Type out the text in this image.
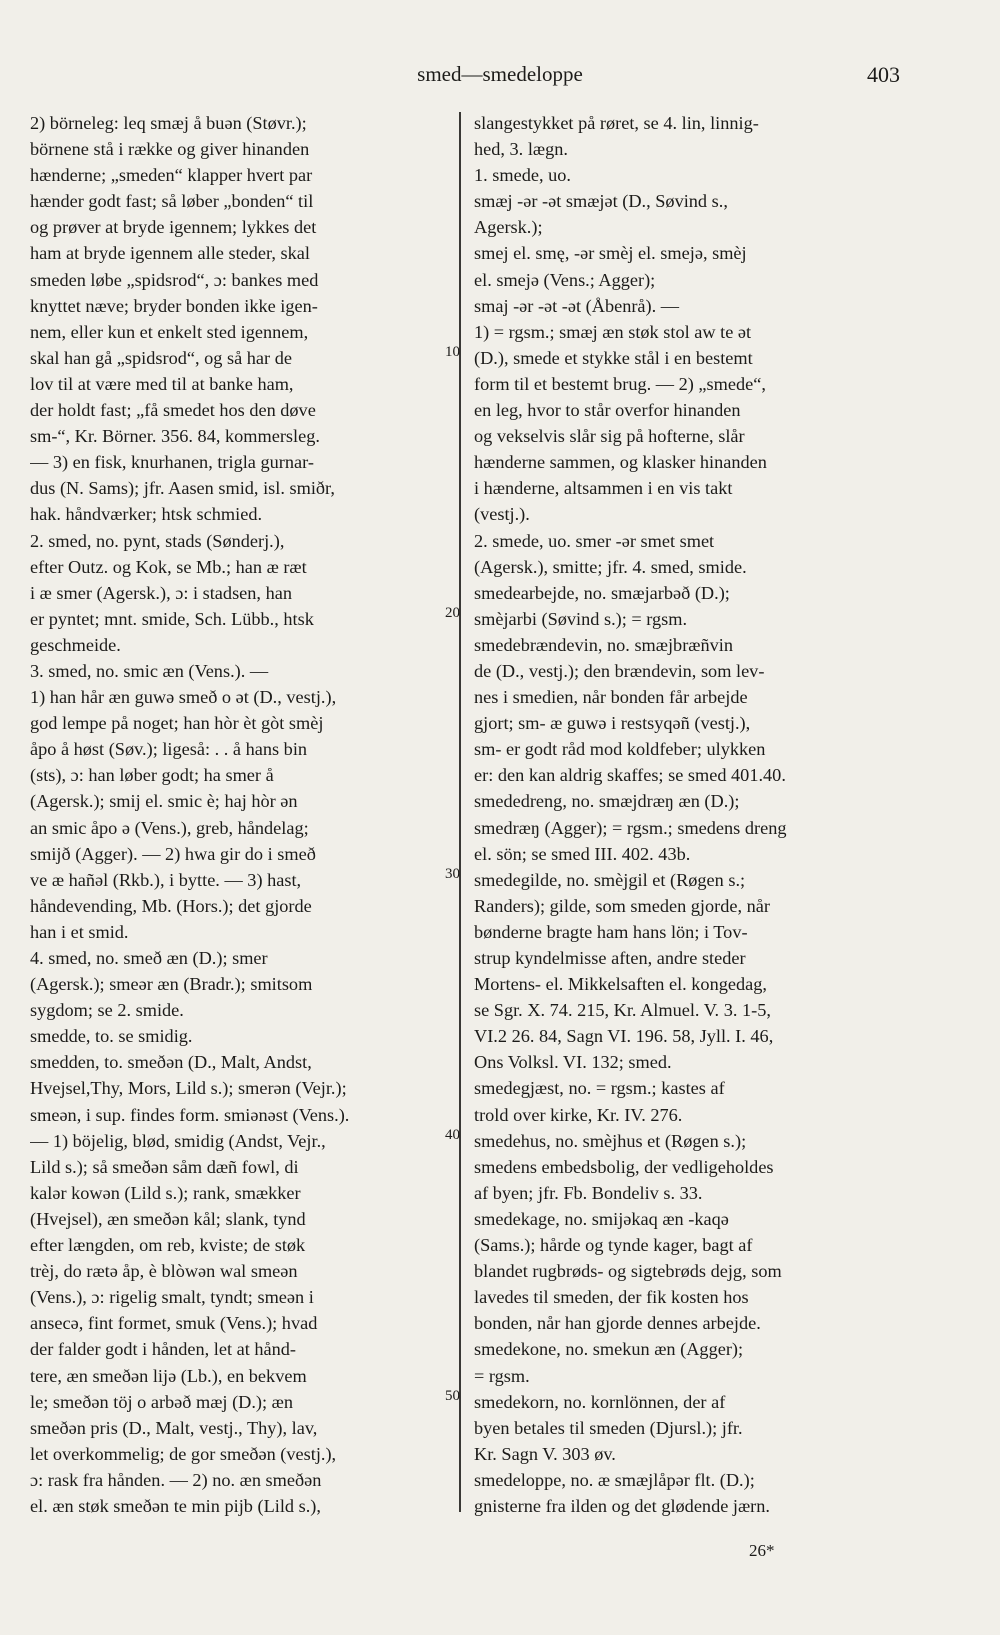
smed—smedeloppe	403
2) börneleg: leq smæj å buən (Støvr.);
börnene stå i række og giver hinanden
hænderne; „smeden“ klapper hvert par
hænder godt fast; så løber „bonden“ til
og prøver at bryde igennem; lykkes det
ham at bryde igennem alle steder, skal
smeden løbe „spidsrod“, ɔ: bankes med
knyttet næve; bryder bonden ikke igen-
nem, eller kun et enkelt sted igennem,
skal han gå „spidsrod“, og så har de
lov til at være med til at banke ham,
der holdt fast; „få smedet hos den døve
sm-“, Kr. Börner. 356. 84, kommersleg.
— 3) en fisk, knurhanen, trigla gurnar-
dus (N. Sams); jfr. Aasen smid, isl. smiðr,
hak. håndværker; htsk schmied.
2. smed, no. pynt, stads (Sønderj.),
efter Outz. og Kok, se Mb.; han æ ræt
i æ smer (Agersk.), ɔ: i stadsen, han
er pyntet; mnt. smide, Sch. Lübb., htsk
geschmeide.
3. smed, no. smic æn (Vens.). —
1) han hår æn guwə smeð o ət (D., vestj.),
god lempe på noget; han hòr èt gòt smèj
åpo å høst (Søv.); ligeså: . . å hans bin
(sts), ɔ: han løber godt; ha smer å
(Agersk.); smij el. smic è; haj hòr ən
an smic åpo ə (Vens.), greb, håndelag;
smijð (Agger). — 2) hwa gir do i smeð
ve æ hañəl (Rkb.), i bytte. — 3) hast,
håndevending, Mb. (Hors.); det gjorde
han i et smid.
4. smed, no. smeð æn (D.); smer
(Agersk.); smeər æn (Bradr.); smitsom
sygdom; se 2. smide.
smedde, to. se smidig.
smedden, to. smeðən (D., Malt, Andst,
Hvejsel,Thy, Mors, Lild s.); smerən (Vejr.);
smeən, i sup. findes form. smiənəst (Vens.).
— 1) böjelig, blød, smidig (Andst, Vejr.,
Lild s.); så smeðən såm dæñ fowl, di
kalər kowən (Lild s.); rank, smækker
(Hvejsel), æn smeðən kål; slank, tynd
efter længden, om reb, kviste; de støk
trèj, do rætə åp, è blòwən wal smeən
(Vens.), ɔ: rigelig smalt, tyndt; smeən i
ansecə, fint formet, smuk (Vens.); hvad
der falder godt i hånden, let at hånd-
tere, æn smeðən lijə (Lb.), en bekvem
le; smeðən töj o arbəð mæj (D.); æn
smeðən pris (D., Malt, vestj., Thy), lav,
let overkommelig; de gor smeðən (vestj.),
ɔ: rask fra hånden. — 2) no. æn smeðən
el. æn støk smeðən te min pijb (Lild s.),
slangestykket på røret, se 4. lin, linnig-
hed, 3. lægn.
1. smede, uo.
smæj -ər -ət smæjət (D., Søvind s.,
Agersk.);
smej el. smę, -ər smèj el. smejə, smèj
el. smejə (Vens.; Agger);
smaj -ər -ət -ət (Åbenrå). —
1) = rgsm.; smæj æn støk stol aw te ət
(D.), smede et stykke stål i en bestemt
form til et bestemt brug. — 2) „smede“,
en leg, hvor to står overfor hinanden
og vekselvis slår sig på hofterne, slår
hænderne sammen, og klasker hinanden
i hænderne, altsammen i en vis takt
(vestj.).
2. smede, uo. smer -ər smet smet
(Agersk.), smitte; jfr. 4. smed, smide.
smedearbejde, no. smæjarbəð (D.);
smèjarbi (Søvind s.); = rgsm.
smedebrændevin, no. smæjbræñvin
de (D., vestj.); den brændevin, som lev-
nes i smedien, når bonden får arbejde
gjort; sm- æ guwə i restsyqəñ (vestj.),
sm- er godt råd mod koldfeber; ulykken
er: den kan aldrig skaffes; se smed 401.40.
smededreng, no. smæjdræŋ æn (D.);
smedræŋ (Agger); = rgsm.; smedens dreng
el. sön; se smed III. 402. 43b.
smedegilde, no. smèjgil et (Røgen s.;
Randers); gilde, som smeden gjorde, når
bønderne bragte ham hans lön; i Tov-
strup kyndelmisse aften, andre steder
Mortens- el. Mikkelsaften el. kongedag,
se Sgr. X. 74. 215, Kr. Almuel. V. 3. 1-5,
VI.2 26. 84, Sagn VI. 196. 58, Jyll. I. 46,
Ons Volksl. VI. 132; smed.
smedegjæst, no. = rgsm.; kastes af
trold over kirke, Kr. IV. 276.
smedehus, no. smèjhus et (Røgen s.);
smedens embedsbolig, der vedligeholdes
af byen; jfr. Fb. Bondeliv s. 33.
smedekage, no. smijəkaq æn -kaqə
(Sams.); hårde og tynde kager, bagt af
blandet rugbrøds- og sigtebrøds dejg, som
lavedes til smeden, der fik kosten hos
bonden, når han gjorde dennes arbejde.
smedekone, no. smekun æn (Agger);
= rgsm.
smedekorn, no. kornlönnen, der af
byen betales til smeden (Djursl.); jfr.
Kr. Sagn V. 303 øv.
smedeloppe, no. æ smæjlåpər flt. (D.);
gnisterne fra ilden og det glødende jærn.
10
20
30
40
50
26*
